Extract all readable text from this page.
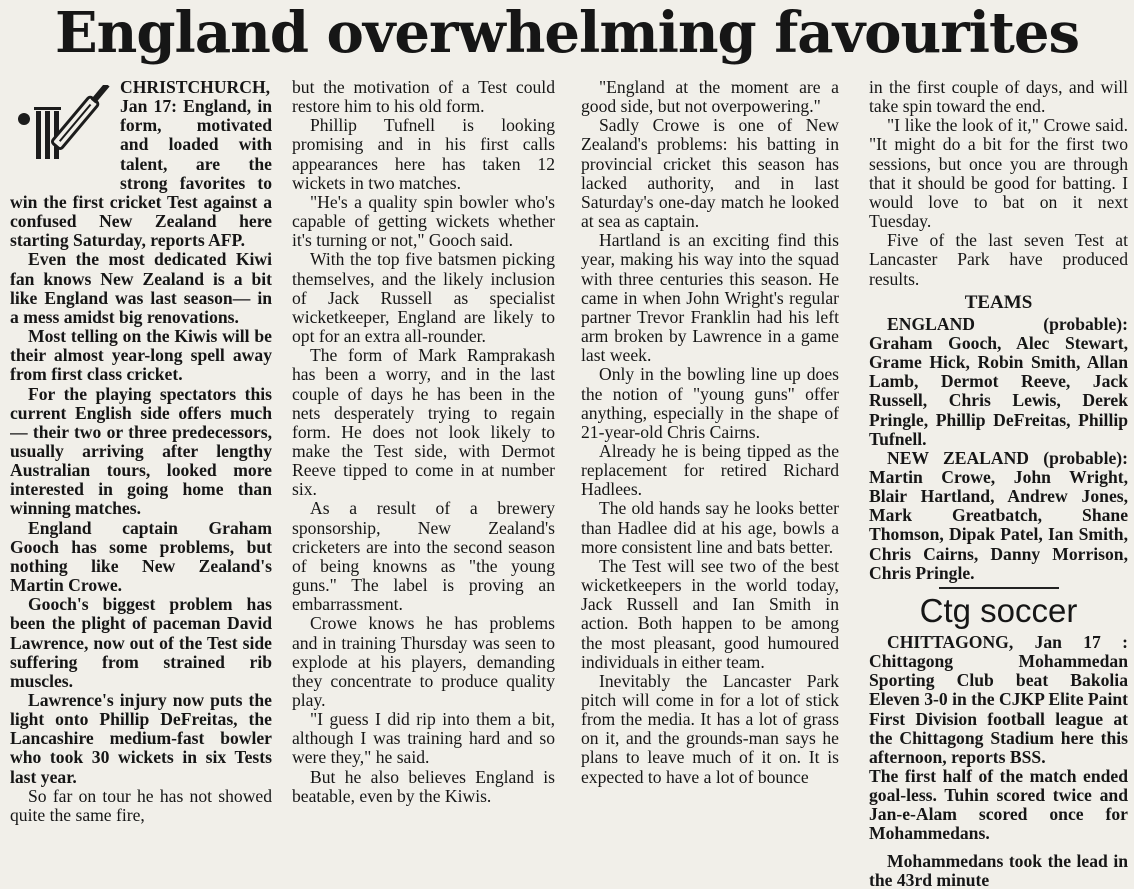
England overwhelming favourites

CHRISTCHURCH, Jan 17: England, in form, motivated and loaded with talent, are the strong favorites to win the first cricket Test against a confused New Zealand here starting Saturday, reports AFP.

Even the most dedicated Kiwi fan knows New Zealand is a bit like England was last season— in a mess amidst big renovations.

Most telling on the Kiwis will be their almost year-long spell away from first class cricket.

For the playing spectators this current English side offers much — their two or three predecessors, usually arriving after lengthy Australian tours, looked more interested in going home than winning matches.

England captain Graham Gooch has some problems, but nothing like New Zealand's Martin Crowe.

Gooch's biggest problem has been the plight of paceman David Lawrence, now out of the Test side suffering from strained rib muscles.

Lawrence's injury now puts the light onto Phillip DeFreitas, the Lancashire medium-fast bowler who took 30 wickets in six Tests last year.

So far on tour he has not showed quite the same fire,

but the motivation of a Test could restore him to his old form.

Phillip Tufnell is looking promising and in his first calls appearances here has taken 12 wickets in two matches.

"He's a quality spin bowler who's capable of getting wickets whether it's turning or not," Gooch said.

With the top five batsmen picking themselves, and the likely inclusion of Jack Russell as specialist wicketkeeper, England are likely to opt for an extra all-rounder.

The form of Mark Ramprakash has been a worry, and in the last couple of days he has been in the nets desperately trying to regain form. He does not look likely to make the Test side, with Dermot Reeve tipped to come in at number six.

As a result of a brewery sponsorship, New Zealand's cricketers are into the second season of being knowns as "the young guns." The label is proving an embarrassment.

Crowe knows he has problems and in training Thursday was seen to explode at his players, demanding they concentrate to produce quality play.

"I guess I did rip into them a bit, although I was training hard and so were they," he said.

But he also believes England is beatable, even by the Kiwis.

"England at the moment are a good side, but not overpowering."

Sadly Crowe is one of New Zealand's problems: his batting in provincial cricket this season has lacked authority, and in last Saturday's one-day match he looked at sea as captain.

Hartland is an exciting find this year, making his way into the squad with three centuries this season. He came in when John Wright's regular partner Trevor Franklin had his left arm broken by Lawrence in a game last week.

Only in the bowling line up does the notion of "young guns" offer anything, especially in the shape of 21-year-old Chris Cairns.

Already he is being tipped as the replacement for retired Richard Hadlees.

The old hands say he looks better than Hadlee did at his age, bowls a more consistent line and bats better.

The Test will see two of the best wicketkeepers in the world today, Jack Russell and Ian Smith in action. Both happen to be among the most pleasant, good humoured individuals in either team.

Inevitably the Lancaster Park pitch will come in for a lot of stick from the media. It has a lot of grass on it, and the grounds-man says he plans to leave much of it on. It is expected to have a lot of bounce

in the first couple of days, and will take spin toward the end.

"I like the look of it," Crowe said. "It might do a bit for the first two sessions, but once you are through that it should be good for batting. I would love to bat on it next Tuesday.

Five of the last seven Test at Lancaster Park have produced results.

TEAMS

ENGLAND (probable): Graham Gooch, Alec Stewart, Grame Hick, Robin Smith, Allan Lamb, Dermot Reeve, Jack Russell, Chris Lewis, Derek Pringle, Phillip DeFreitas, Phillip Tufnell.

NEW ZEALAND (probable): Martin Crowe, John Wright, Blair Hartland, Andrew Jones, Mark Greatbatch, Shane Thomson, Dipak Patel, Ian Smith, Chris Cairns, Danny Morrison, Chris Pringle.

Ctg soccer

CHITTAGONG, Jan 17 : Chittagong Mohammedan Sporting Club beat Bakolia Eleven 3-0 in the CJKP Elite Paint First Division football league at the Chittagong Stadium here this afternoon, reports BSS.

The first half of the match ended goal-less. Tuhin scored twice and Jan-e-Alam scored once for Mohammedans.

Mohammedans took the lead in the 43rd minute
